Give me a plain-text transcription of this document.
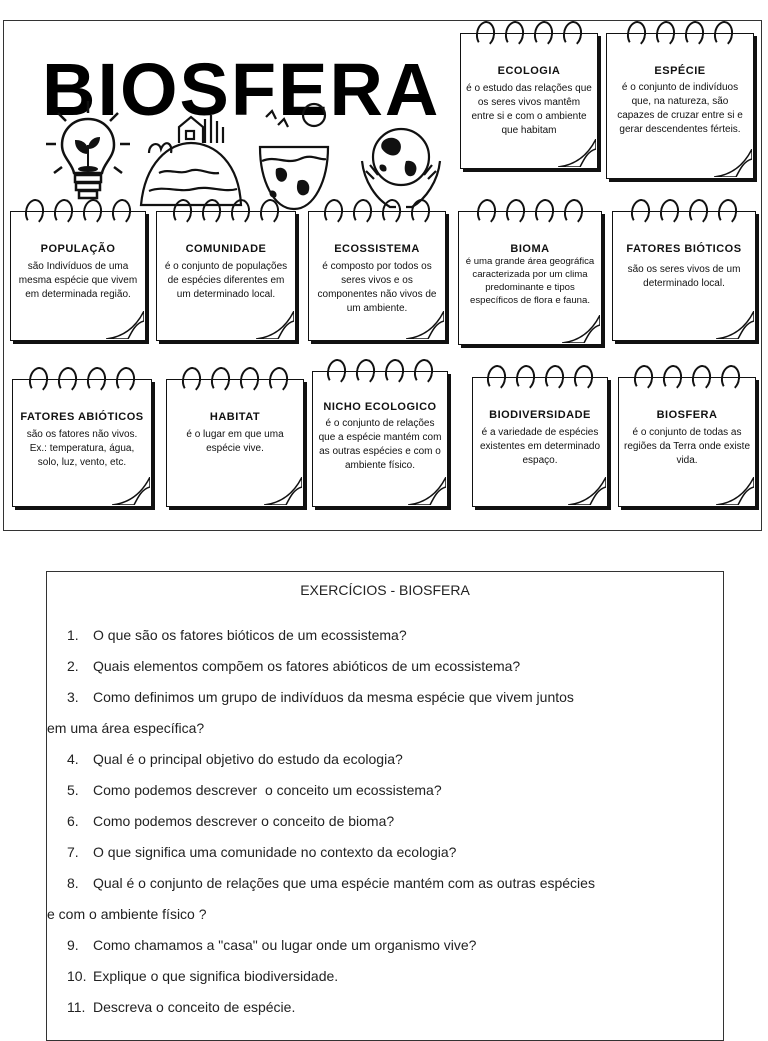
BIOSFERA	ECOLOGIA
é o estudo das relações que os seres vivos mantêm entre si e com o ambiente que habitam
ESPÉCIE
é o conjunto de indivíduos que, na natureza, são capazes de cruzar entre si e gerar descendentes férteis.
POPULAÇÃO
são Indivíduos de uma mesma espécie que vivem em determinada região.
COMUNIDADE
é o conjunto de populações de espécies diferentes em um determinado local.
ECOSSISTEMA
é composto por todos os seres vivos e os componentes não vivos de um ambiente.
BIOMA
é uma grande área geográfica caracterizada por um clima predominante e tipos específicos de flora e fauna.
FATORES BIÓTICOS
são os seres vivos de um determinado local.
FATORES ABIÓTICOS
são os fatores não vivos. Ex.: temperatura, água, solo, luz, vento, etc.
HABITAT
é o lugar em que uma espécie vive.
NICHO ECOLOGICO
é o conjunto de relações que a espécie mantém com as outras espécies e com o ambiente físico.
BIODIVERSIDADE
é a variedade de espécies existentes em determinado espaço.
BIOSFERA
é o conjunto de todas as regiões da Terra onde existe vida.
EXERCÍCIOS - BIOSFERA
1. O que são os fatores bióticos de um ecossistema?
2. Quais elementos compõem os fatores abióticos de um ecossistema?
3. Como definimos um grupo de indivíduos da mesma espécie que vivem juntos
em uma área específica?
4. Qual é o principal objetivo do estudo da ecologia?
5. Como podemos descrever  o conceito um ecossistema?
6. Como podemos descrever o conceito de bioma?
7. O que significa uma comunidade no contexto da ecologia?
8. Qual é o conjunto de relações que uma espécie mantém com as outras espécies
e com o ambiente físico ?
9. Como chamamos a "casa" ou lugar onde um organismo vive?
10. Explique o que significa biodiversidade.
11. Descreva o conceito de espécie.
